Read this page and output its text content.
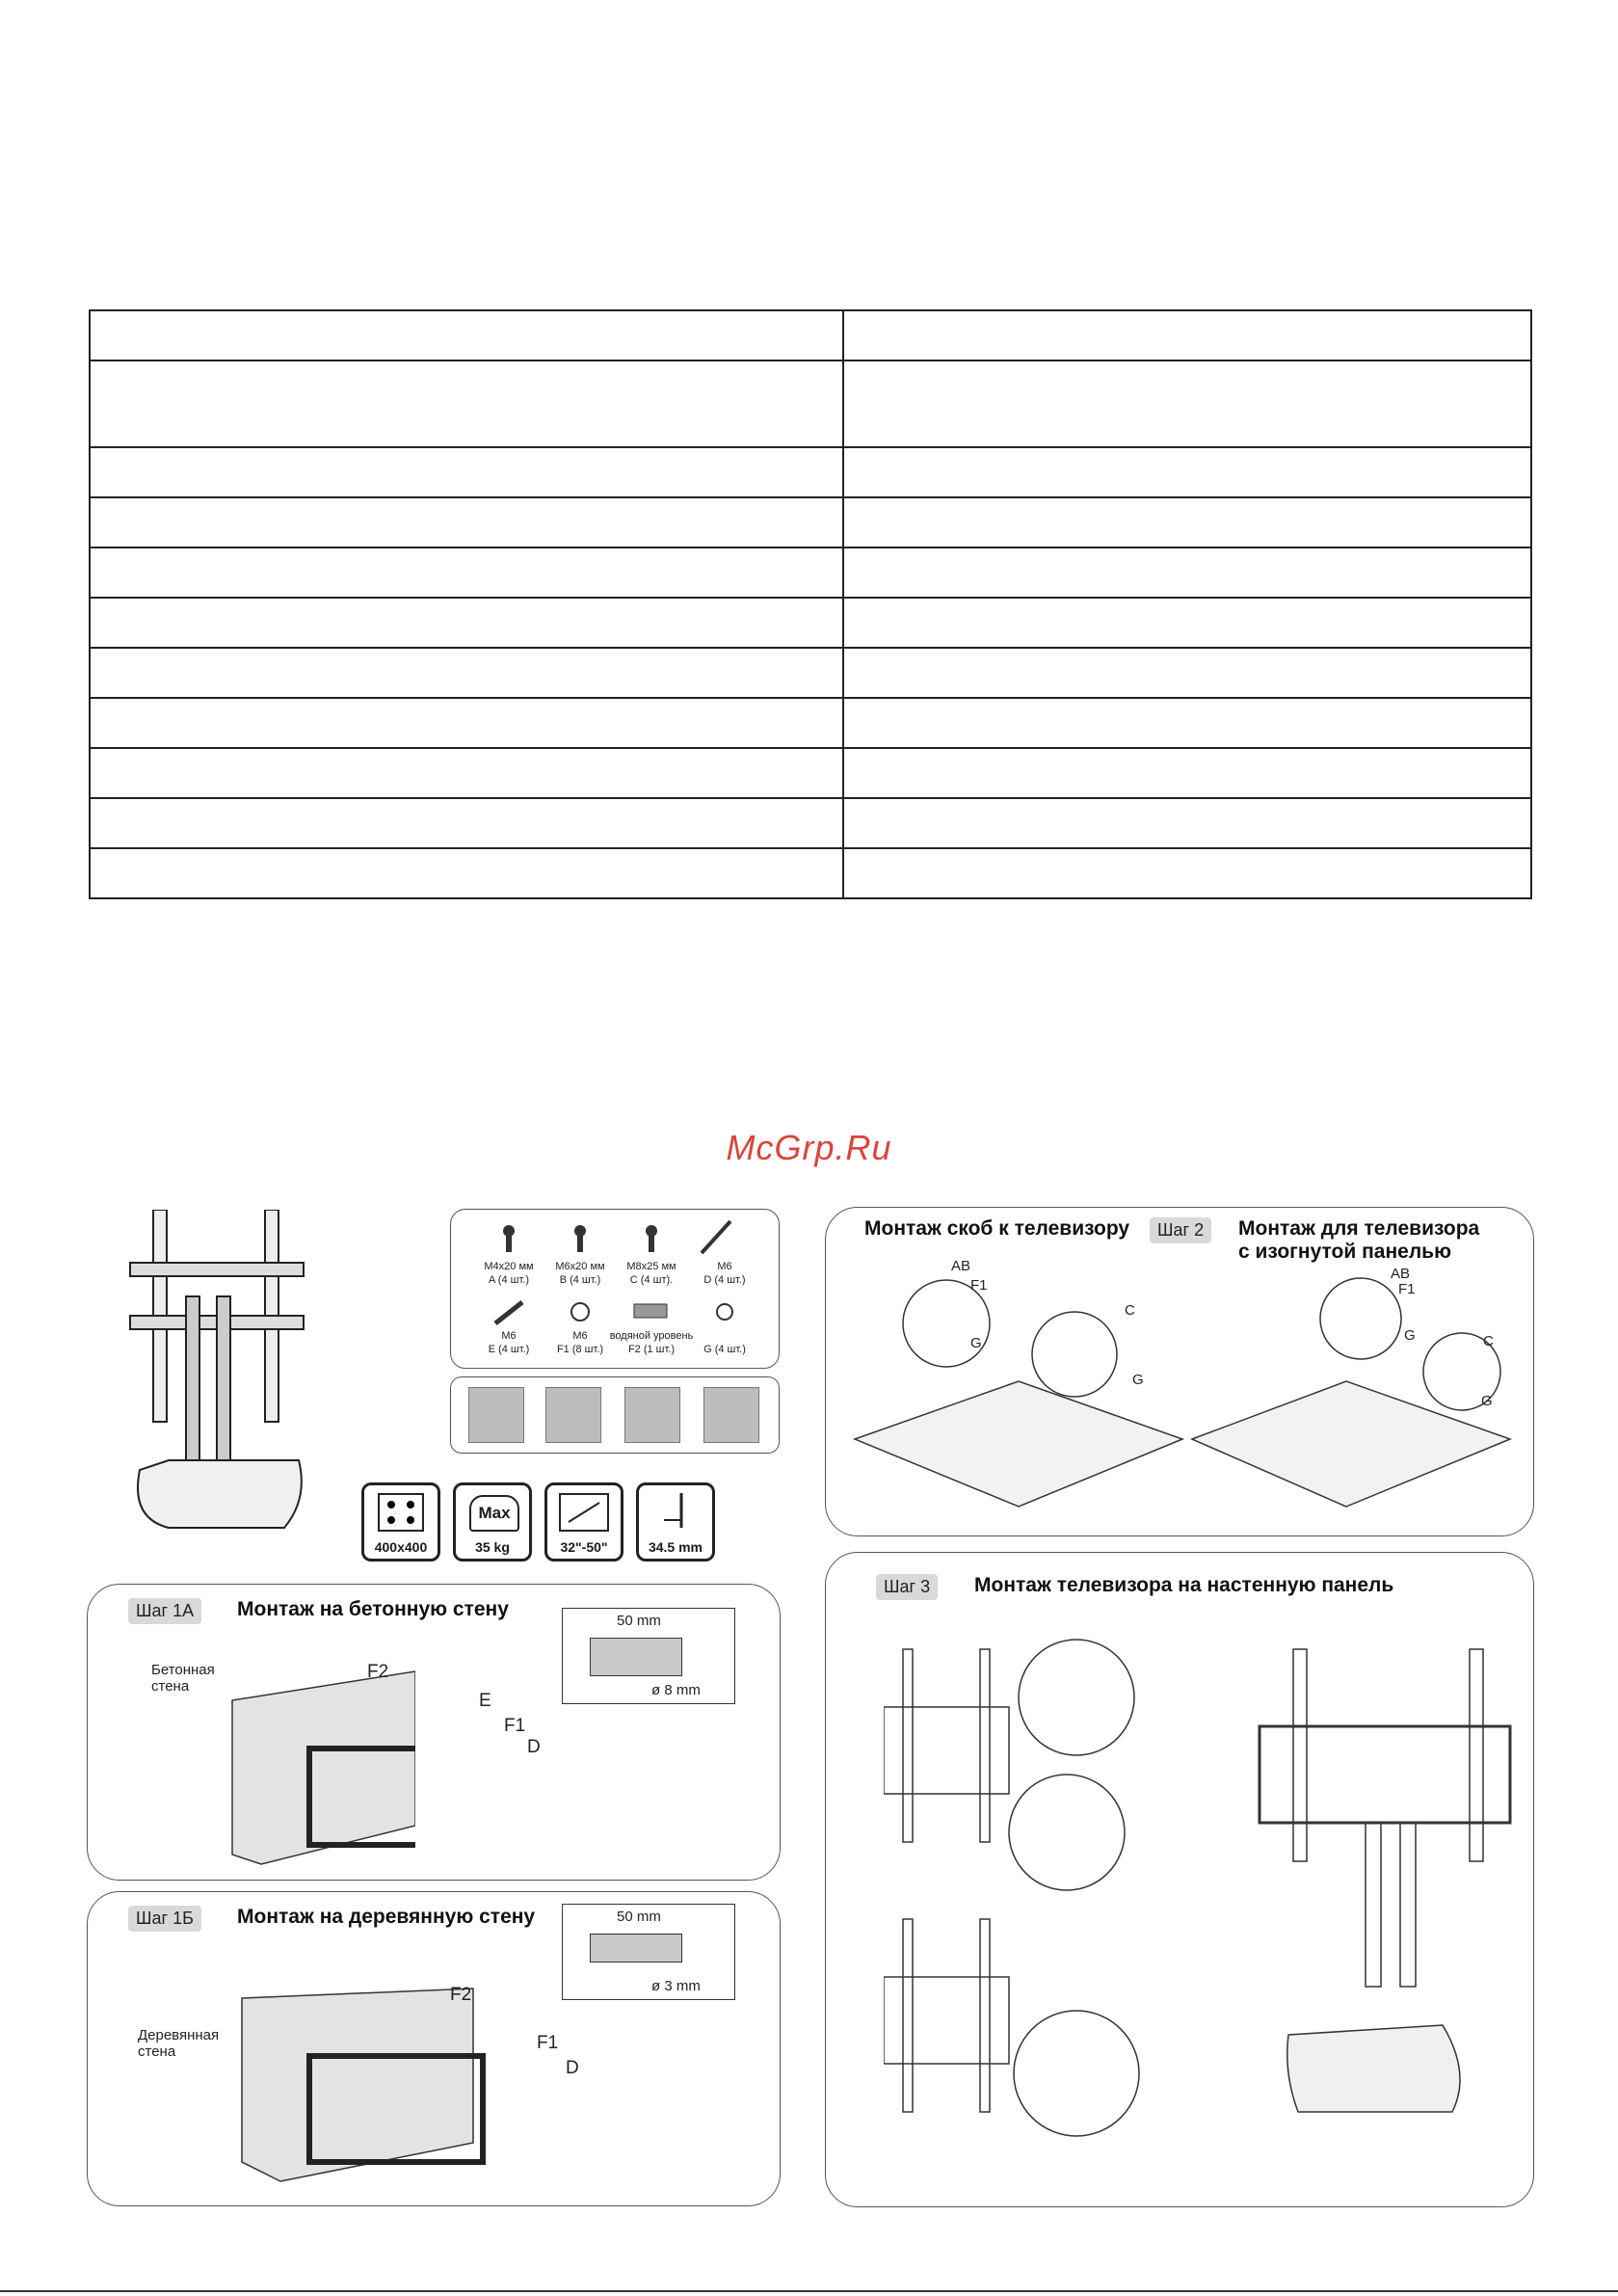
McGrp.Ru
M4x20 мм
A (4 шт.)
M6x20 мм
B (4 шт.)
M8x25 мм
C (4 шт).
M6
D (4 шт.)
M6
E (4 шт.)
M6
F1 (8 шт.)
водяной уровень
F2 (1 шт.)	G (4 шт.)
400x400
Max
35 kg	32"-50"	34.5 mm
Шаг 1А	Монтаж на бетонную стену
Бетонная
стена
50 mm
ø 8 mm
F2
E
F1
D
Шаг 1Б	Монтаж на деревянную стену
Деревянная
стена
50 mm
ø 3 mm
F2
F1
D
Монтаж скоб к телевизору	Шаг 2	Монтаж для телевизора
с изогнутой панелью
AB
F1
C
G
G
AB
F1
G	C
G
Шаг 3	Монтаж телевизора на настенную панель
